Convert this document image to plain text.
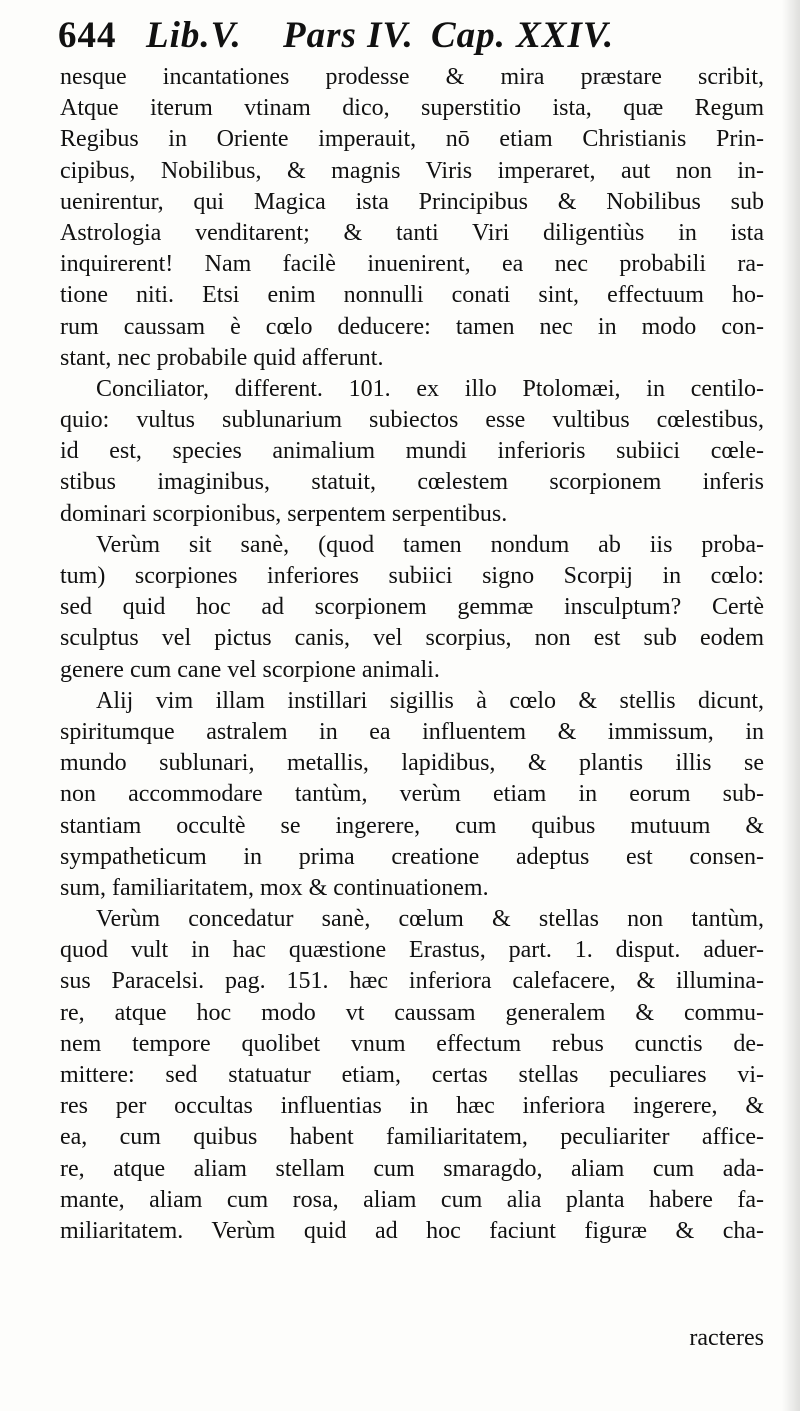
644 Lib.V. Pars IV. Cap. XXIV.
nesque incantationes prodesse & mira præstare scribit,
Atque iterum vtinam dico, superstitio ista, quæ Regum
Regibus in Oriente imperauit, nō etiam Christianis Prin-
cipibus, Nobilibus, & magnis Viris imperaret, aut non in-
uenirentur, qui Magica ista Principibus & Nobilibus sub
Astrologia venditarent; & tanti Viri diligentiùs in ista
inquirerent! Nam facilè inuenirent, ea nec probabili ra-
tione niti. Etsi enim nonnulli conati sint, effectuum ho-
rum caussam è cœlo deducere: tamen nec in modo con-
stant, nec probabile quid afferunt.
Conciliator, different. 101. ex illo Ptolomæi, in centilo-
quio: vultus sublunarium subiectos esse vultibus cœlestibus,
id est, species animalium mundi inferioris subiici cœle-
stibus imaginibus, statuit, cœlestem scorpionem inferis
dominari scorpionibus, serpentem serpentibus.
Verùm sit sanè, (quod tamen nondum ab iis proba-
tum) scorpiones inferiores subiici signo Scorpij in cœlo:
sed quid hoc ad scorpionem gemmæ insculptum? Certè
sculptus vel pictus canis, vel scorpius, non est sub eodem
genere cum cane vel scorpione animali.
Alij vim illam instillari sigillis à cœlo & stellis dicunt,
spiritumque astralem in ea influentem & immissum, in
mundo sublunari, metallis, lapidibus, & plantis illis se
non accommodare tantùm, verùm etiam in eorum sub-
stantiam occultè se ingerere, cum quibus mutuum &
sympatheticum in prima creatione adeptus est consen-
sum, familiaritatem, mox & continuationem.
Verùm concedatur sanè, cœlum & stellas non tantùm,
quod vult in hac quæstione Erastus, part. 1. disput. aduer-
sus Paracelsi. pag. 151. hæc inferiora calefacere, & illumina-
re, atque hoc modo vt caussam generalem & commu-
nem tempore quolibet vnum effectum rebus cunctis de-
mittere: sed statuatur etiam, certas stellas peculiares vi-
res per occultas influentias in hæc inferiora ingerere, &
ea, cum quibus habent familiaritatem, peculiariter affice-
re, atque aliam stellam cum smaragdo, aliam cum ada-
mante, aliam cum rosa, aliam cum alia planta habere fa-
miliaritatem. Verùm quid ad hoc faciunt figuræ & cha-
racteres
